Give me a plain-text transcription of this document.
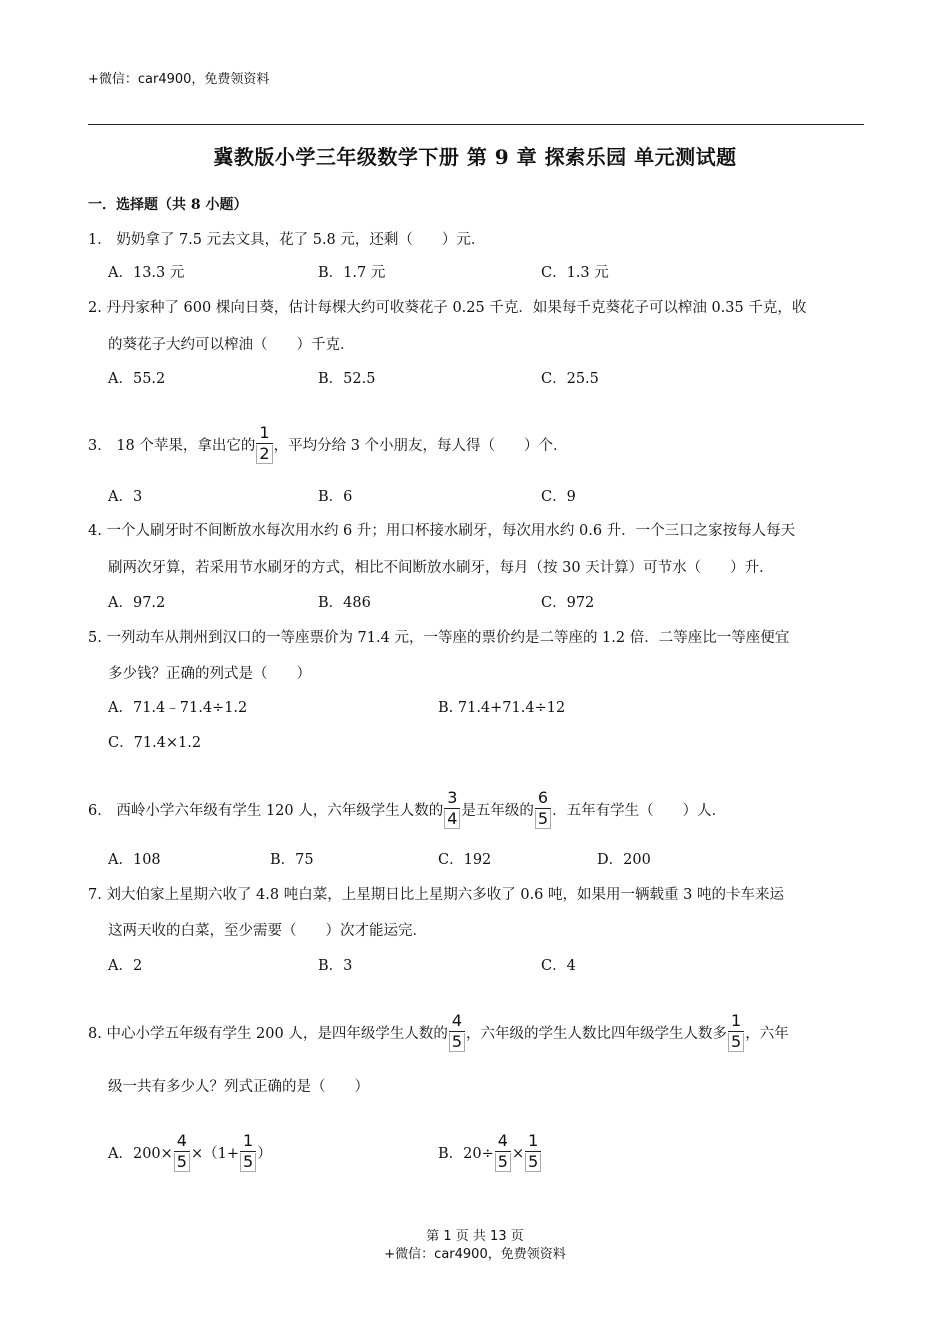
+微信：car4900，免费领资料
冀教版小学三年级数学下册 第 9 章 探索乐园 单元测试题
一．选择题（共 8 小题）
1． 奶奶拿了 7.5 元去文具，花了 5.8 元，还剩（　　）元．
A．13.3 元	B．1.7 元	C．1.3 元
2. 丹丹家种了 600 棵向日葵，估计每棵大约可收葵花子 0.25 千克．如果每千克葵花子可以榨油 0.35 千克，收
的葵花子大约可以榨油（　　）千克．
A．55.2	B．52.5	C．25.5
3． 18 个苹果，拿出它的 $\frac{1}{2}$ ，平均分给 3 个小朋友，每人得（　　）个．
A．3	B．6	C．9
4. 一个人刷牙时不间断放水每次用水约 6 升；用口杯接水刷牙，每次用水约 0.6 升．一个三口之家按每人每天
刷两次牙算，若采用节水刷牙的方式，相比不间断放水刷牙，每月（按 30 天计算）可节水（　　）升．
A．97.2	B．486	C．972
5. 一列动车从荆州到汉口的一等座票价为 71.4 元，一等座的票价约是二等座的 1.2 倍．二等座比一等座便宜
多少钱？正确的列式是（　　）
A．71.4﹣71.4÷1.2	B. 71.4+71.4÷12
C．71.4×1.2
6． 西岭小学六年级有学生 120 人，六年级学生人数的 $\frac{3}{4}$ 是五年级的 $\frac{6}{5}$ ．五年有学生（　　）人．
A．108	B．75	C．192	D．200
7. 刘大伯家上星期六收了 4.8 吨白菜，上星期日比上星期六多收了 0.6 吨，如果用一辆载重 3 吨的卡车来运
这两天收的白菜，至少需要（　　）次才能运完．
A．2	B．3	C．4
8. 中心小学五年级有学生 200 人，是四年级学生人数的 $\frac{4}{5}$ ，六年级的学生人数比四年级学生人数多 $\frac{1}{5}$ ，六年
级一共有多少人？列式正确的是（　　）
A．$200\times \frac{4}{5} \times(1+ \frac{1}{5}$ ）	B．$20\div \frac{4}{5} \times \frac{1}{5}$
第 1 页 共 13 页
+微信：car4900，免费领资料
